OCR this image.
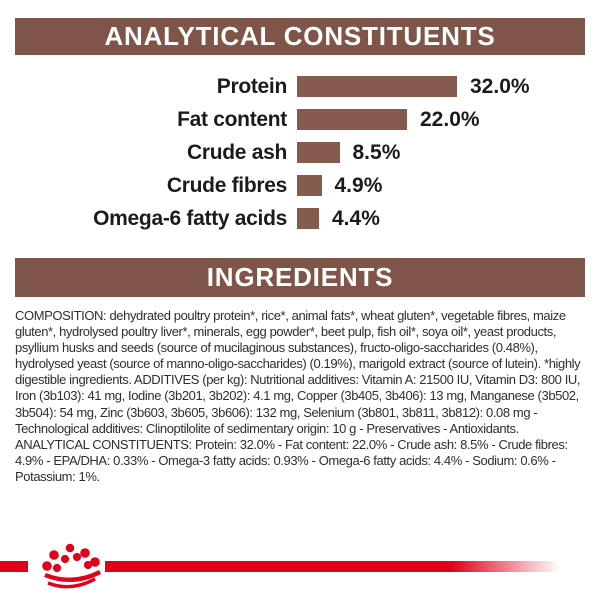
ANALYTICAL CONSTITUENTS
Protein	32.0%
Fat content	22.0%
Crude ash	8.5%
Crude fibres 4.9%
Omega-6 fatty acids 4.4%
INGREDIENTS

COMPOSITION: dehydrated poultry protein*, rice*, animal fats*, wheat gluten*, vegetable fibres, maize gluten*, hydrolysed poultry liver*, minerals, egg powder*, beet pulp, fish oil*, soya oil*, yeast products, psyllium husks and seeds (source of mucilaginous substances), fructo-oligo-saccharides (0.48%), hydrolysed yeast (source of manno-oligo-saccharides) (0.19%), marigold extract (source of lutein). *highly digestible ingredients. ADDITIVES (per kg): Nutritional additives: Vitamin A: 21500 IU, Vitamin D3: 800 IU, Iron (3b103): 41 mg, Iodine (3b201, 3b202): 4.1 mg, Copper (3b405, 3b406): 13 mg, Manganese (3b502, 3b504): 54 mg, Zinc (3b603, 3b605, 3b606): 132 mg, Selenium (3b801, 3b811, 3b812): 0.08 mg - Technological additives: Clinoptilolite of sedimentary origin: 10 g - Preservatives - Antioxidants. ANALYTICAL CONSTITUENTS: Protein: 32.0% - Fat content: 22.0% - Crude ash: 8.5% - Crude fibres: 4.9% - EPA/DHA: 0.33% - Omega-3 fatty acids: 0.93% - Omega-6 fatty acids: 4.4% - Sodium: 0.6% - Potassium: 1%.
